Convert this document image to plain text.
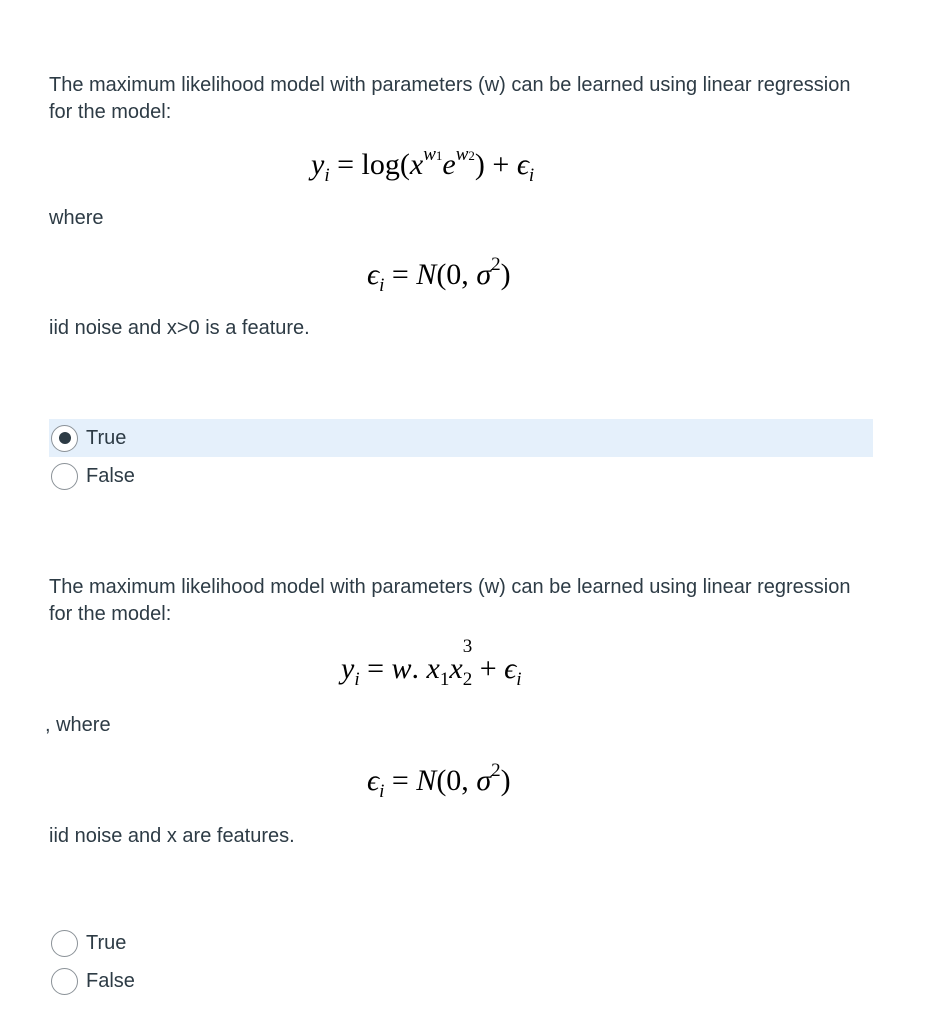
The maximum likelihood model with parameters (w) can be learned using linear regression for the model:

$y_i = \log(x^{w1}e^{w2}) + \epsilon_i$
where
$\epsilon_i = N(0$, $\sigma^2$)
iid noise and x>0 is a feature.
True
False

The maximum likelihood model with parameters (w) can be learned using linear regression for the model:

$y_i = w$. $x_1x_{2 3}$
+ $\epsilon_i$
, where
$\epsilon_i = N(0$, $\sigma^2$)
iid noise and x are features.
True
False
